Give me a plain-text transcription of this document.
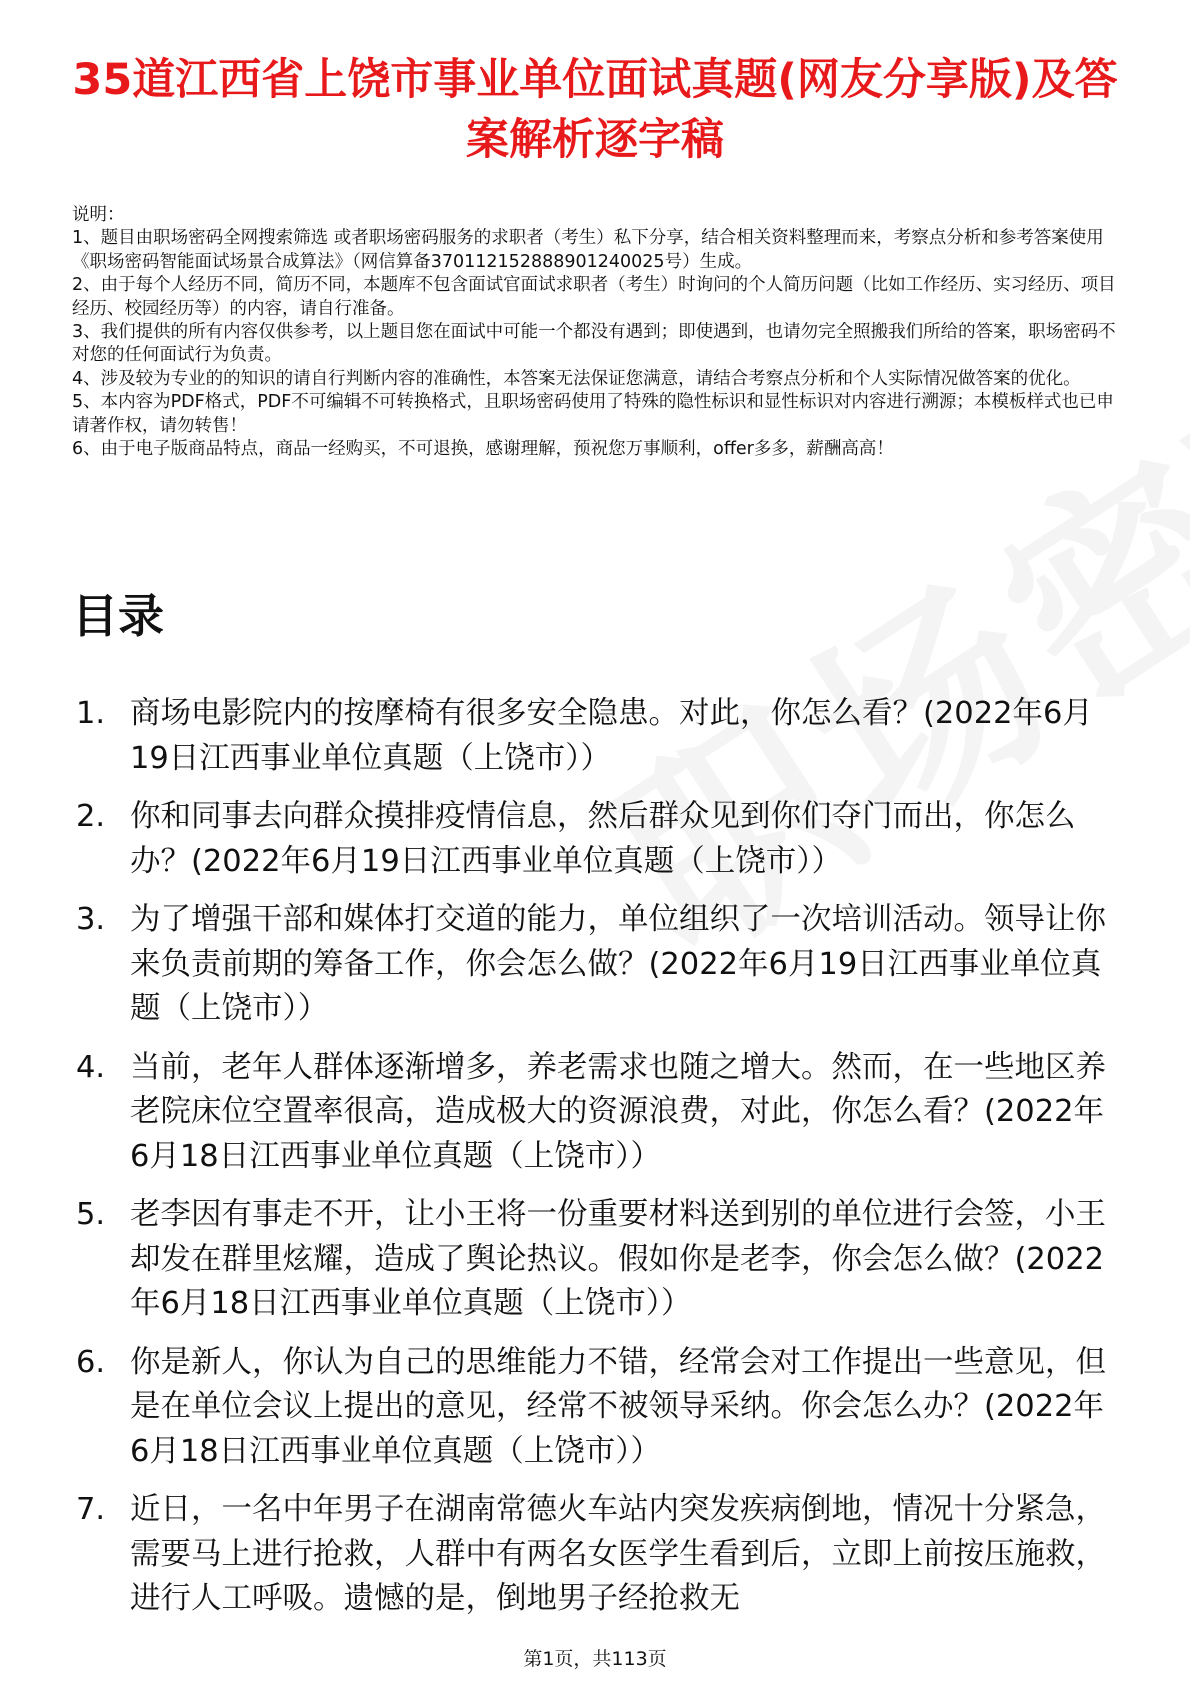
35道江西省上饶市事业单位面试真题(网友分享版)及答案解析逐字稿

说明：

1、题目由职场密码全网搜索筛选 或者职场密码服务的求职者（考生）私下分享，结合相关资料整理而来，考察点分析和参考答案使用《职场密码智能面试场景合成算法》（网信算备370112152888901240025号）生成。

2、由于每个人经历不同，简历不同，本题库不包含面试官面试求职者（考生）时询问的个人简历问题（比如工作经历、实习经历、项目经历、校园经历等）的内容，请自行准备。

3、我们提供的所有内容仅供参考，以上题目您在面试中可能一个都没有遇到；即使遇到，也请勿完全照搬我们所给的答案，职场密码不对您的任何面试行为负责。

4、涉及较为专业的的知识的请自行判断内容的准确性，本答案无法保证您满意，请结合考察点分析和个人实际情况做答案的优化。

5、本内容为PDF格式，PDF不可编辑不可转换格式，且职场密码使用了特殊的隐性标识和显性标识对内容进行溯源；本模板样式也已申请著作权，请勿转售！

6、由于电子版商品特点，商品一经购买，不可退换，感谢理解，预祝您万事顺利，offer多多，薪酬高高！

目录
1. 商场电影院内的按摩椅有很多安全隐患。对此，你怎么看？(2022年6月19日江西事业单位真题（上饶市））
2. 你和同事去向群众摸排疫情信息，然后群众见到你们夺门而出，你怎么办？(2022年6月19日江西事业单位真题（上饶市））
3. 为了增强干部和媒体打交道的能力，单位组织了一次培训活动。领导让你来负责前期的筹备工作，你会怎么做？(2022年6月19日江西事业单位真题（上饶市））
4. 当前，老年人群体逐渐增多，养老需求也随之增大。然而，在一些地区养老院床位空置率很高，造成极大的资源浪费，对此，你怎么看？(2022年6月18日江西事业单位真题（上饶市））
5. 老李因有事走不开，让小王将一份重要材料送到别的单位进行会签，小王却发在群里炫耀，造成了舆论热议。假如你是老李，你会怎么做？(2022年6月18日江西事业单位真题（上饶市））
6. 你是新人，你认为自己的思维能力不错，经常会对工作提出一些意见，但是在单位会议上提出的意见，经常不被领导采纳。你会怎么办？(2022年6月18日江西事业单位真题（上饶市））
7. 近日，一名中年男子在湖南常德火车站内突发疾病倒地，情况十分紧急，需要马上进行抢救，人群中有两名女医学生看到后，立即上前按压施救，进行人工呼吸。遗憾的是，倒地男子经抢救无
第1页，共113页
